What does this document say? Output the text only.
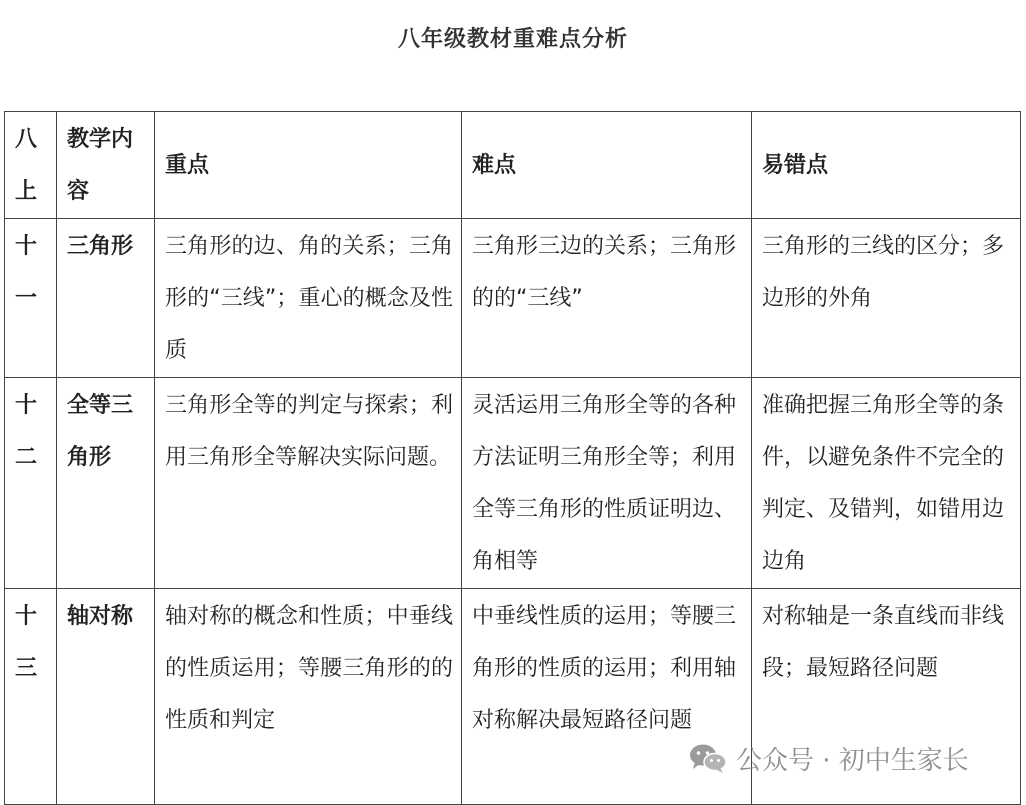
八年级教材重难点分析
八上	教学内容	重点	难点	易错点
十一	三角形	三角形的边、角的关系；三角形的“三线”；重心的概念及性质	三角形三边的关系；三角形的的“三线”	三角形的三线的区分；多边形的外角
十二	全等三角形	三角形全等的判定与探索；利用三角形全等解决实际问题。	灵活运用三角形全等的各种方法证明三角形全等；利用全等三角形的性质证明边、角相等	准确把握三角形全等的条件，以避免条件不完全的判定、及错判，如错用边边角
十三	轴对称	轴对称的概念和性质；中垂线的性质运用；等腰三角形的的性质和判定	中垂线性质的运用；等腰三角形的性质的运用；利用轴对称解决最短路径问题	对称轴是一条直线而非线段；最短路径问题
公众号 · 初中生家长
